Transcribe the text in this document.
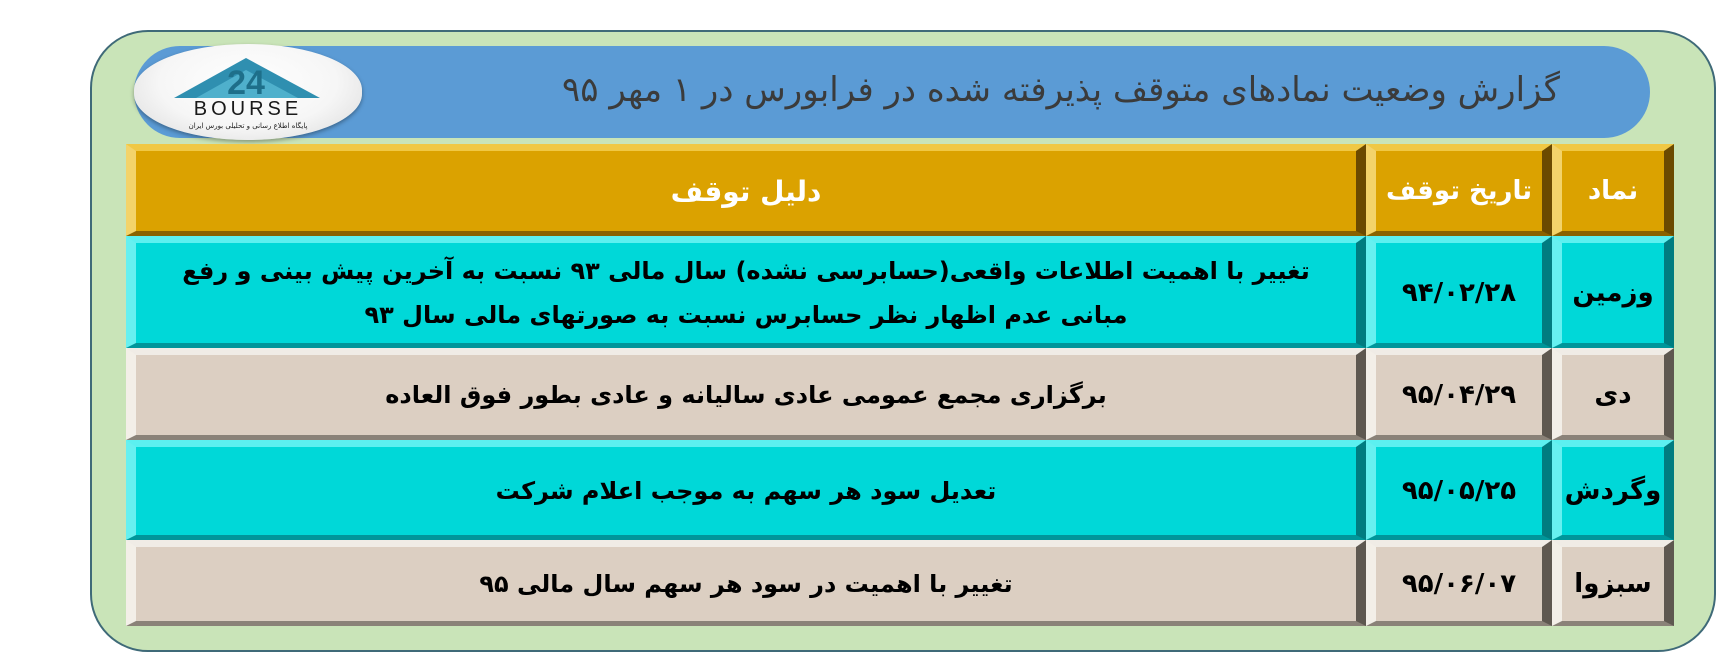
گزارش وضعیت نمادهای متوقف پذیرفته شده در فرابورس در ۱ مهر ۹۵
24
BOURSE
پایگاه اطلاع رسانی و تحلیلی بورس ایران
نماد	تاریخ توقف	دلیل توقف
وزمین	۹۴/۰۲/۲۸	تغییر با اهمیت اطلاعات واقعی(حسابرسی نشده) سال مالی ۹۳ نسبت به آخرین پیش بینی و رفع مبانی عدم اظهار نظر حسابرس نسبت به صورتهای مالی سال ۹۳
دی	۹۵/۰۴/۲۹	برگزاری مجمع عمومی عادی سالیانه و عادی بطور فوق العاده
وگردش	۹۵/۰۵/۲۵	تعدیل سود هر سهم به موجب اعلام شرکت
سبزوا	۹۵/۰۶/۰۷	تغییر با اهمیت در سود هر سهم سال مالی ۹۵
